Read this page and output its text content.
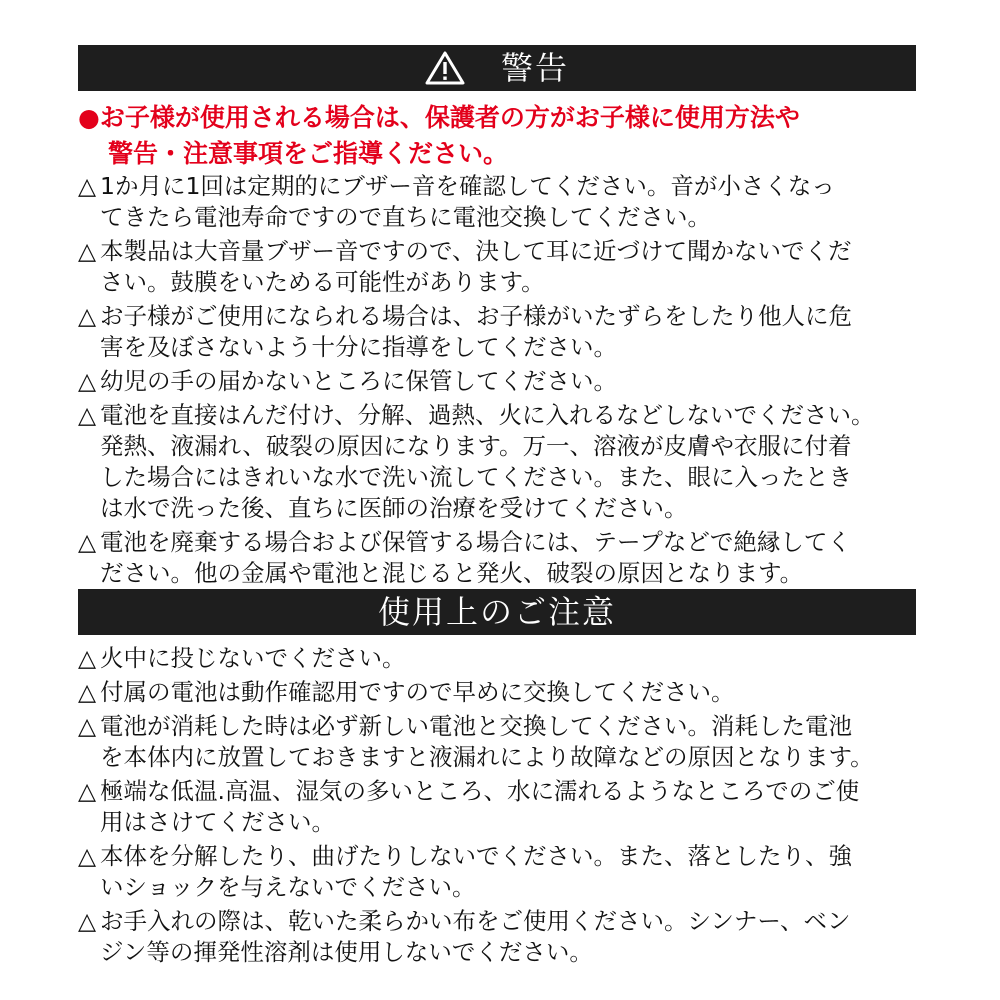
警告
●お子様が使用される場合は、保護者の方がお子様に使用方法や
警告・注意事項をご指導ください。
△ 1か月に1回は定期的にブザー音を確認してください。音が小さくなっ
てきたら電池寿命ですので直ちに電池交換してください。
△ 本製品は大音量ブザー音ですので、決して耳に近づけて聞かないでくだ
さい。鼓膜をいためる可能性があります。
△ お子様がご使用になられる場合は、お子様がいたずらをしたり他人に危
害を及ぼさないよう十分に指導をしてください。
△ 幼児の手の届かないところに保管してください。
△ 電池を直接はんだ付け、分解、過熱、火に入れるなどしないでください。
発熱、液漏れ、破裂の原因になります。万一、溶液が皮膚や衣服に付着
した場合にはきれいな水で洗い流してください。また、眼に入ったとき
は水で洗った後、直ちに医師の治療を受けてください。
△ 電池を廃棄する場合および保管する場合には、テープなどで絶縁してく
ださい。他の金属や電池と混じると発火、破裂の原因となります。
使用上のご注意
△ 火中に投じないでください。
△ 付属の電池は動作確認用ですので早めに交換してください。
△ 電池が消耗した時は必ず新しい電池と交換してください。消耗した電池
を本体内に放置しておきますと液漏れにより故障などの原因となります。
△ 極端な低温.高温、湿気の多いところ、水に濡れるようなところでのご使
用はさけてください。
△ 本体を分解したり、曲げたりしないでください。また、落としたり、強
いショックを与えないでください。
△ お手入れの際は、乾いた柔らかい布をご使用ください。シンナー、ベン
ジン等の揮発性溶剤は使用しないでください。
